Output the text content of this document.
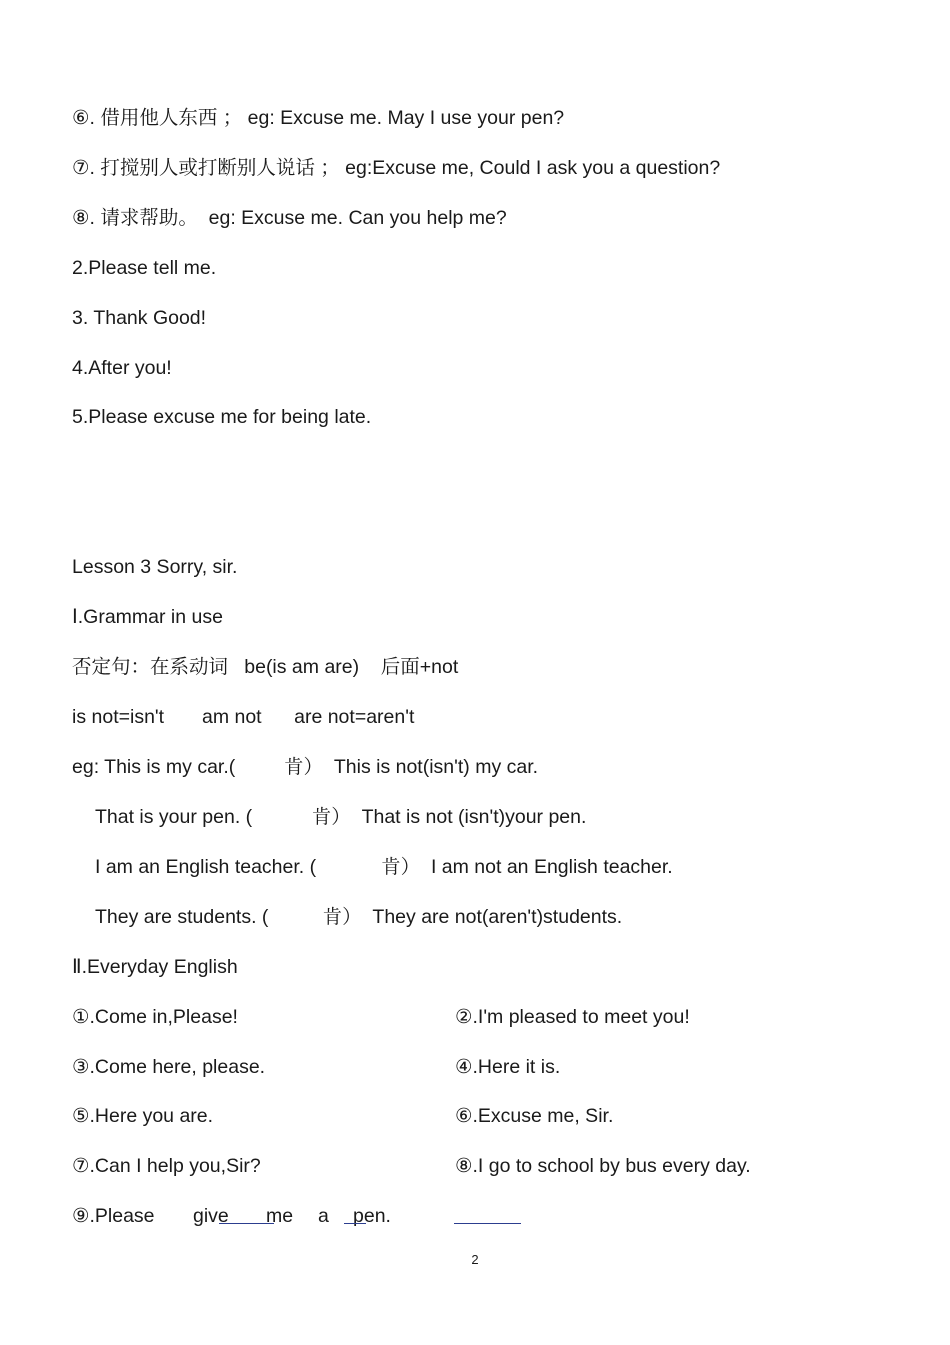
⑥. 借用他人东西 ； eg: Excuse me. May I use your pen?
⑦. 打搅别人或打断别人说话 ； eg:Excuse me, Could I ask you a question?
⑧. 请求帮助。  eg: Excuse me. Can you help me?
2.Please tell me.
3. Thank Good!
4.After you!
5.Please excuse me for being late.
Lesson 3 Sorry, sir.
Ⅰ.Grammar in use
否定句：在系动词   be(is am are)    后面+not
is not=isn't       am not      are not=aren't
eg: This is my car.(         肯）  This is not(isn't) my car.
That is your pen. (           肯）  That is not (isn't)your pen.
I am an English teacher. (            肯）  I am not an English teacher.
They are students. (          肯）  They are not(aren't)students.
Ⅱ.Everyday English
①.Come in,Please!	②.I'm pleased to meet you!
③.Come here, please.	④.Here it is.
⑤.Here you are.	⑥.Excuse me, Sir.
⑦.Can I help you,Sir?	⑧.I go to school by bus every day.
⑨.Please give me a pen.
2
